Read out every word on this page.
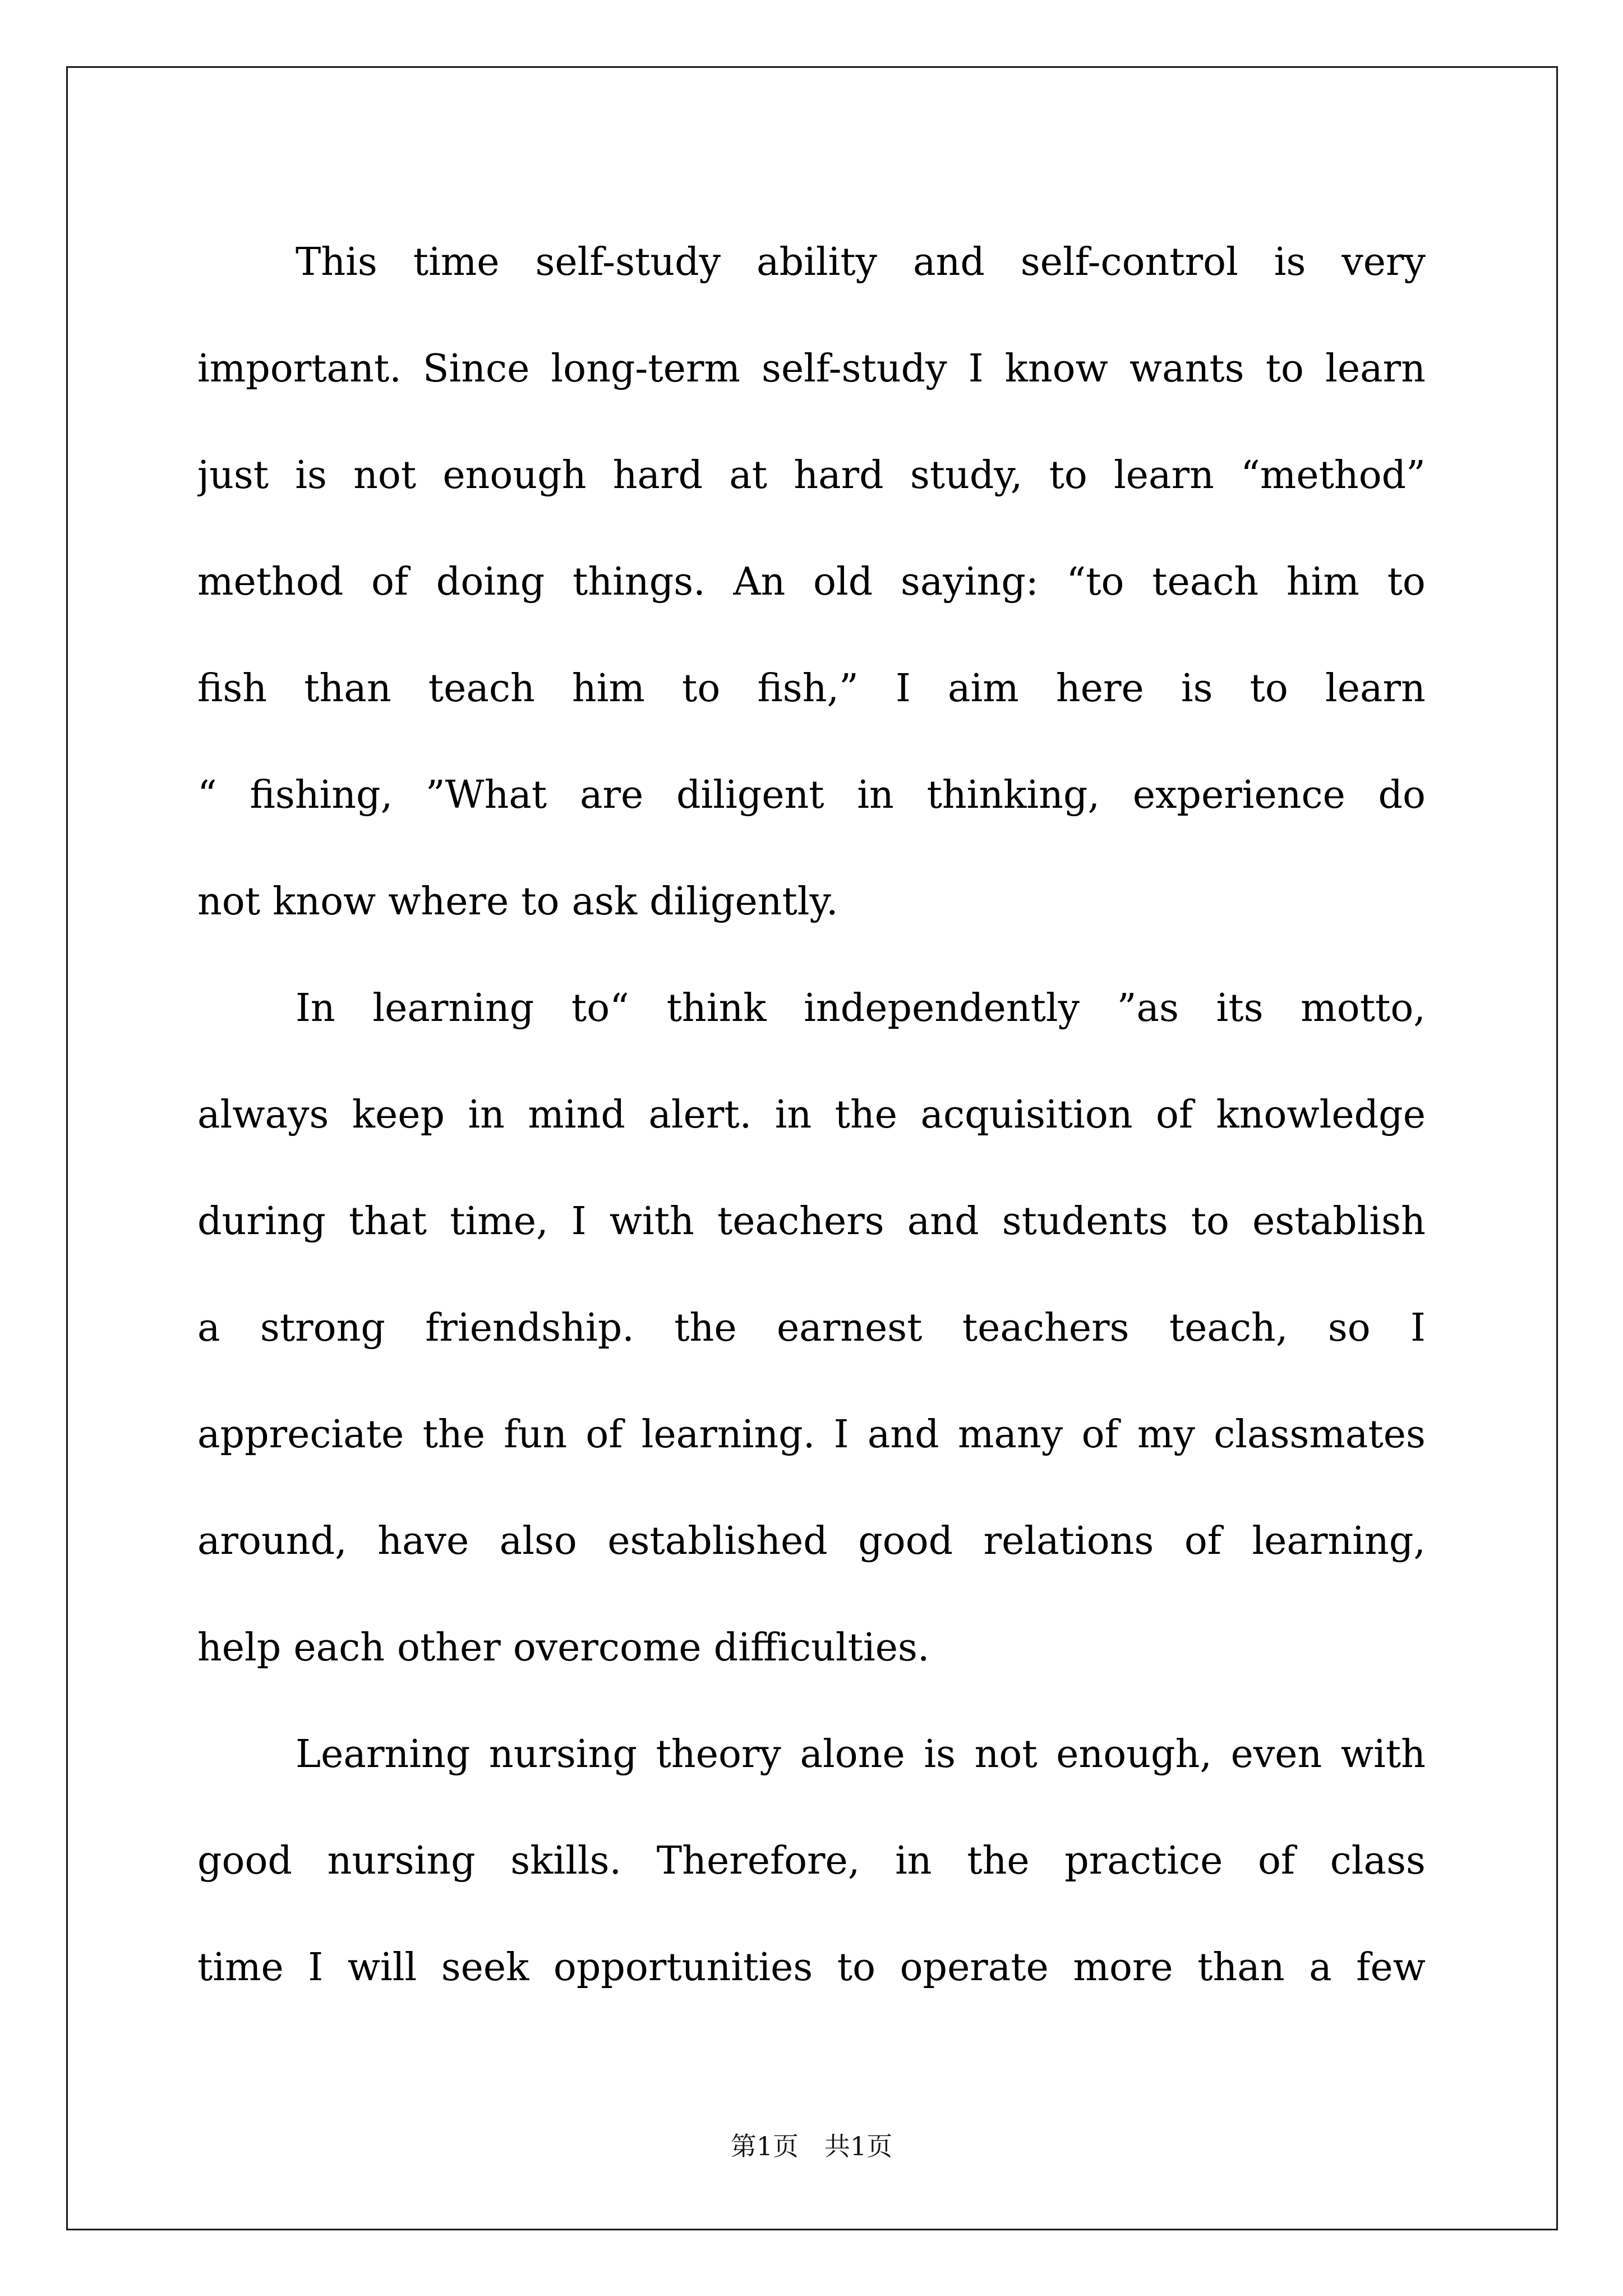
This time self-study ability and self-control is very
important. Since long-term self-study I know wants to learn
just is not enough hard at hard study, to learn “method”
method of doing things. An old saying: “to teach him to
fish than teach him to fish,” I aim here is to learn
“ fishing, ”What are diligent in thinking, experience do
not know where to ask diligently.
In learning to“ think independently ”as its motto,
always keep in mind alert. in the acquisition of knowledge
during that time, I with teachers and students to establish
a strong friendship. the earnest teachers teach, so I
appreciate the fun of learning. I and many of my classmates
around, have also established good relations of learning,
help each other overcome difficulties.
Learning nursing theory alone is not enough, even with
good nursing skills. Therefore, in the practice of class
time I will seek opportunities to operate more than a few
第1页　共1页
